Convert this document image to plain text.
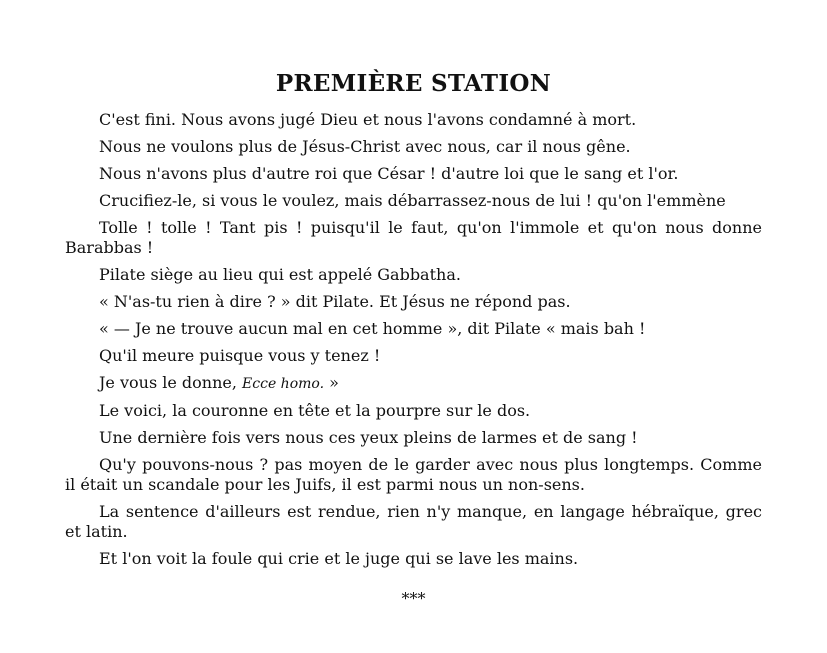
PREMIÈRE STATION

C'est fini. Nous avons jugé Dieu et nous l'avons condamné à mort.

Nous ne voulons plus de Jésus-Christ avec nous, car il nous gêne.

Nous n'avons plus d'autre roi que César ! d'autre loi que le sang et l'or.

Crucifiez-le, si vous le voulez, mais débarrassez-nous de lui ! qu'on l'emmène

Tolle ! tolle ! Tant pis ! puisqu'il le faut, qu'on l'immole et qu'on nous donne Barabbas !

Pilate siège au lieu qui est appelé Gabbatha.

« N'as-tu rien à dire ? » dit Pilate. Et Jésus ne répond pas.

« — Je ne trouve aucun mal en cet homme », dit Pilate « mais bah !

Qu'il meure puisque vous y tenez !

Je vous le donne, Ecce homo. »

Le voici, la couronne en tête et la pourpre sur le dos.

Une dernière fois vers nous ces yeux pleins de larmes et de sang !

Qu'y pouvons-nous ? pas moyen de le garder avec nous plus longtemps. Comme il était un scandale pour les Juifs, il est parmi nous un non-sens.

La sentence d'ailleurs est rendue, rien n'y manque, en langage hébraïque, grec et latin.

Et l'on voit la foule qui crie et le juge qui se lave les mains.

***
